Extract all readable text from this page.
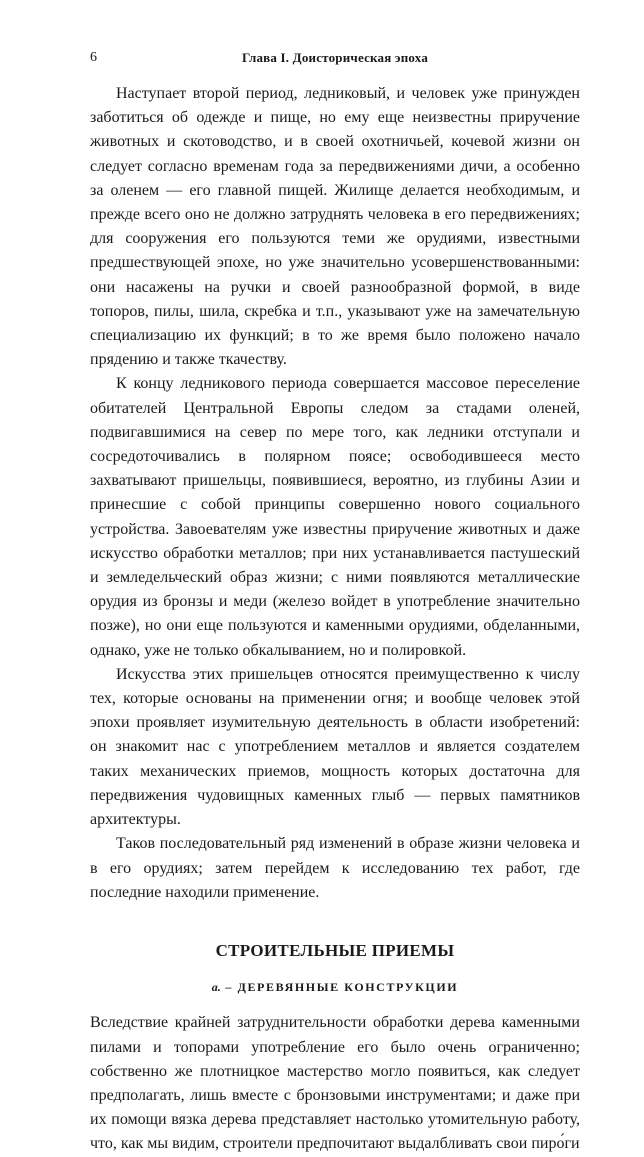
6	Глава I. Доисторическая эпоха

Наступает второй период, ледниковый, и человек уже принужден заботиться об одежде и пище, но ему еще неизвестны приручение животных и скотоводство, и в своей охотничьей, кочевой жизни он следует согласно временам года за передвижениями дичи, а особенно за оленем — его главной пищей. Жилище делается необходимым, и прежде всего оно не должно затруднять человека в его передвижениях; для сооружения его пользуются теми же орудиями, известными предшествующей эпохе, но уже значительно усовершенствованными: они насажены на ручки и своей разнообразной формой, в виде топоров, пилы, шила, скребка и т.п., указывают уже на замечательную специализацию их функций; в то же время было положено начало прядению и также ткачеству.

К концу ледникового периода совершается массовое переселение обитателей Центральной Европы следом за стадами оленей, подвигавшимися на север по мере того, как ледники отступали и сосредоточивались в полярном поясе; освободившееся место захватывают пришельцы, появившиеся, вероятно, из глубины Азии и принесшие с собой принципы совершенно нового социального устройства. Завоевателям уже известны приручение животных и даже искусство обработки металлов; при них устанавливается пастушеский и земледельческий образ жизни; с ними появляются металлические орудия из бронзы и меди (железо войдет в употребление значительно позже), но они еще пользуются и каменными орудиями, обделанными, однако, уже не только обкалыванием, но и полировкой.

Искусства этих пришельцев относятся преимущественно к числу тех, которые основаны на применении огня; и вообще человек этой эпохи проявляет изумительную деятельность в области изобретений: он знакомит нас с употреблением металлов и является создателем таких механических приемов, мощность которых достаточна для передвижения чудовищных каменных глыб — первых памятников архитектуры.

Таков последовательный ряд изменений в образе жизни человека и в его орудиях; затем перейдем к исследованию тех работ, где последние находили применение.

СТРОИТЕЛЬНЫЕ ПРИЕМЫ
а. – ДЕРЕВЯННЫЕ КОНСТРУКЦИИ

Вследствие крайней затруднительности обработки дерева каменными пилами и топорами употребление его было очень ограниченно; собственно же плотницкое мастерство могло появиться, как следует предполагать, лишь вместе с бронзовыми инструментами; и даже при их помощи вязка дерева представляет настолько утомительную работу, что, как мы видим, строители предпочитают выдалбливать свои пиро́ги
